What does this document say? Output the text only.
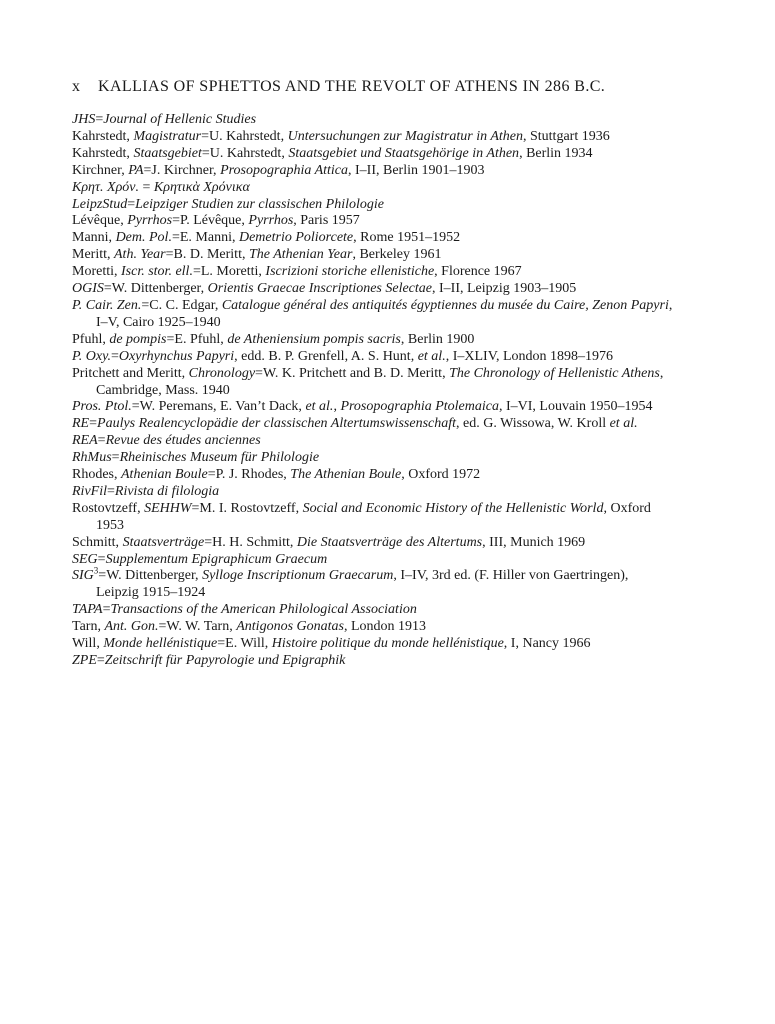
x KALLIAS OF SPHETTOS AND THE REVOLT OF ATHENS IN 286 B.C.
JHS=Journal of Hellenic Studies
Kahrstedt, Magistratur=U. Kahrstedt, Untersuchungen zur Magistratur in Athen, Stuttgart 1936
Kahrstedt, Staatsgebiet=U. Kahrstedt, Staatsgebiet und Staatsgehörige in Athen, Berlin 1934
Kirchner, PA=J. Kirchner, Prosopographia Attica, I–II, Berlin 1901–1903
Κρητ. Χρόν. = Κρητικὰ Χρόνικα
LeipzStud=Leipziger Studien zur classischen Philologie
Lévêque, Pyrrhos=P. Lévêque, Pyrrhos, Paris 1957
Manni, Dem. Pol.=E. Manni, Demetrio Poliorcete, Rome 1951–1952
Meritt, Ath. Year=B. D. Meritt, The Athenian Year, Berkeley 1961
Moretti, Iscr. stor. ell.=L. Moretti, Iscrizioni storiche ellenistiche, Florence 1967
OGIS=W. Dittenberger, Orientis Graecae Inscriptiones Selectae, I–II, Leipzig 1903–1905
P. Cair. Zen.=C. C. Edgar, Catalogue général des antiquités égyptiennes du musée du Caire, Zenon Papyri,
I–V, Cairo 1925–1940
Pfuhl, de pompis=E. Pfuhl, de Atheniensium pompis sacris, Berlin 1900
P. Oxy.=Oxyrhynchus Papyri, edd. B. P. Grenfell, A. S. Hunt, et al., I–XLIV, London 1898–1976
Pritchett and Meritt, Chronology=W. K. Pritchett and B. D. Meritt, The Chronology of Hellenistic Athens,
Cambridge, Mass. 1940
Pros. Ptol.=W. Peremans, E. Van’t Dack, et al., Prosopographia Ptolemaica, I–VI, Louvain 1950–1954
RE=Paulys Realencyclopädie der classischen Altertumswissenschaft, ed. G. Wissowa, W. Kroll et al.
REA=Revue des études anciennes
RhMus=Rheinisches Museum für Philologie
Rhodes, Athenian Boule=P. J. Rhodes, The Athenian Boule, Oxford 1972
RivFil=Rivista di filologia
Rostovtzeff, SEHHW=M. I. Rostovtzeff, Social and Economic History of the Hellenistic World, Oxford
1953
Schmitt, Staatsverträge=H. H. Schmitt, Die Staatsverträge des Altertums, III, Munich 1969
SEG=Supplementum Epigraphicum Graecum
$SIG^3=W$. Dittenberger, Sylloge Inscriptionum Graecarum, I–IV, 3rd ed. (F. Hiller von Gaertringen),
Leipzig 1915–1924
TAPA=Transactions of the American Philological Association
Tarn, Ant. Gon.=W. W. Tarn, Antigonos Gonatas, London 1913
Will, Monde hellénistique=E. Will, Histoire politique du monde hellénistique, I, Nancy 1966
ZPE=Zeitschrift für Papyrologie und Epigraphik
